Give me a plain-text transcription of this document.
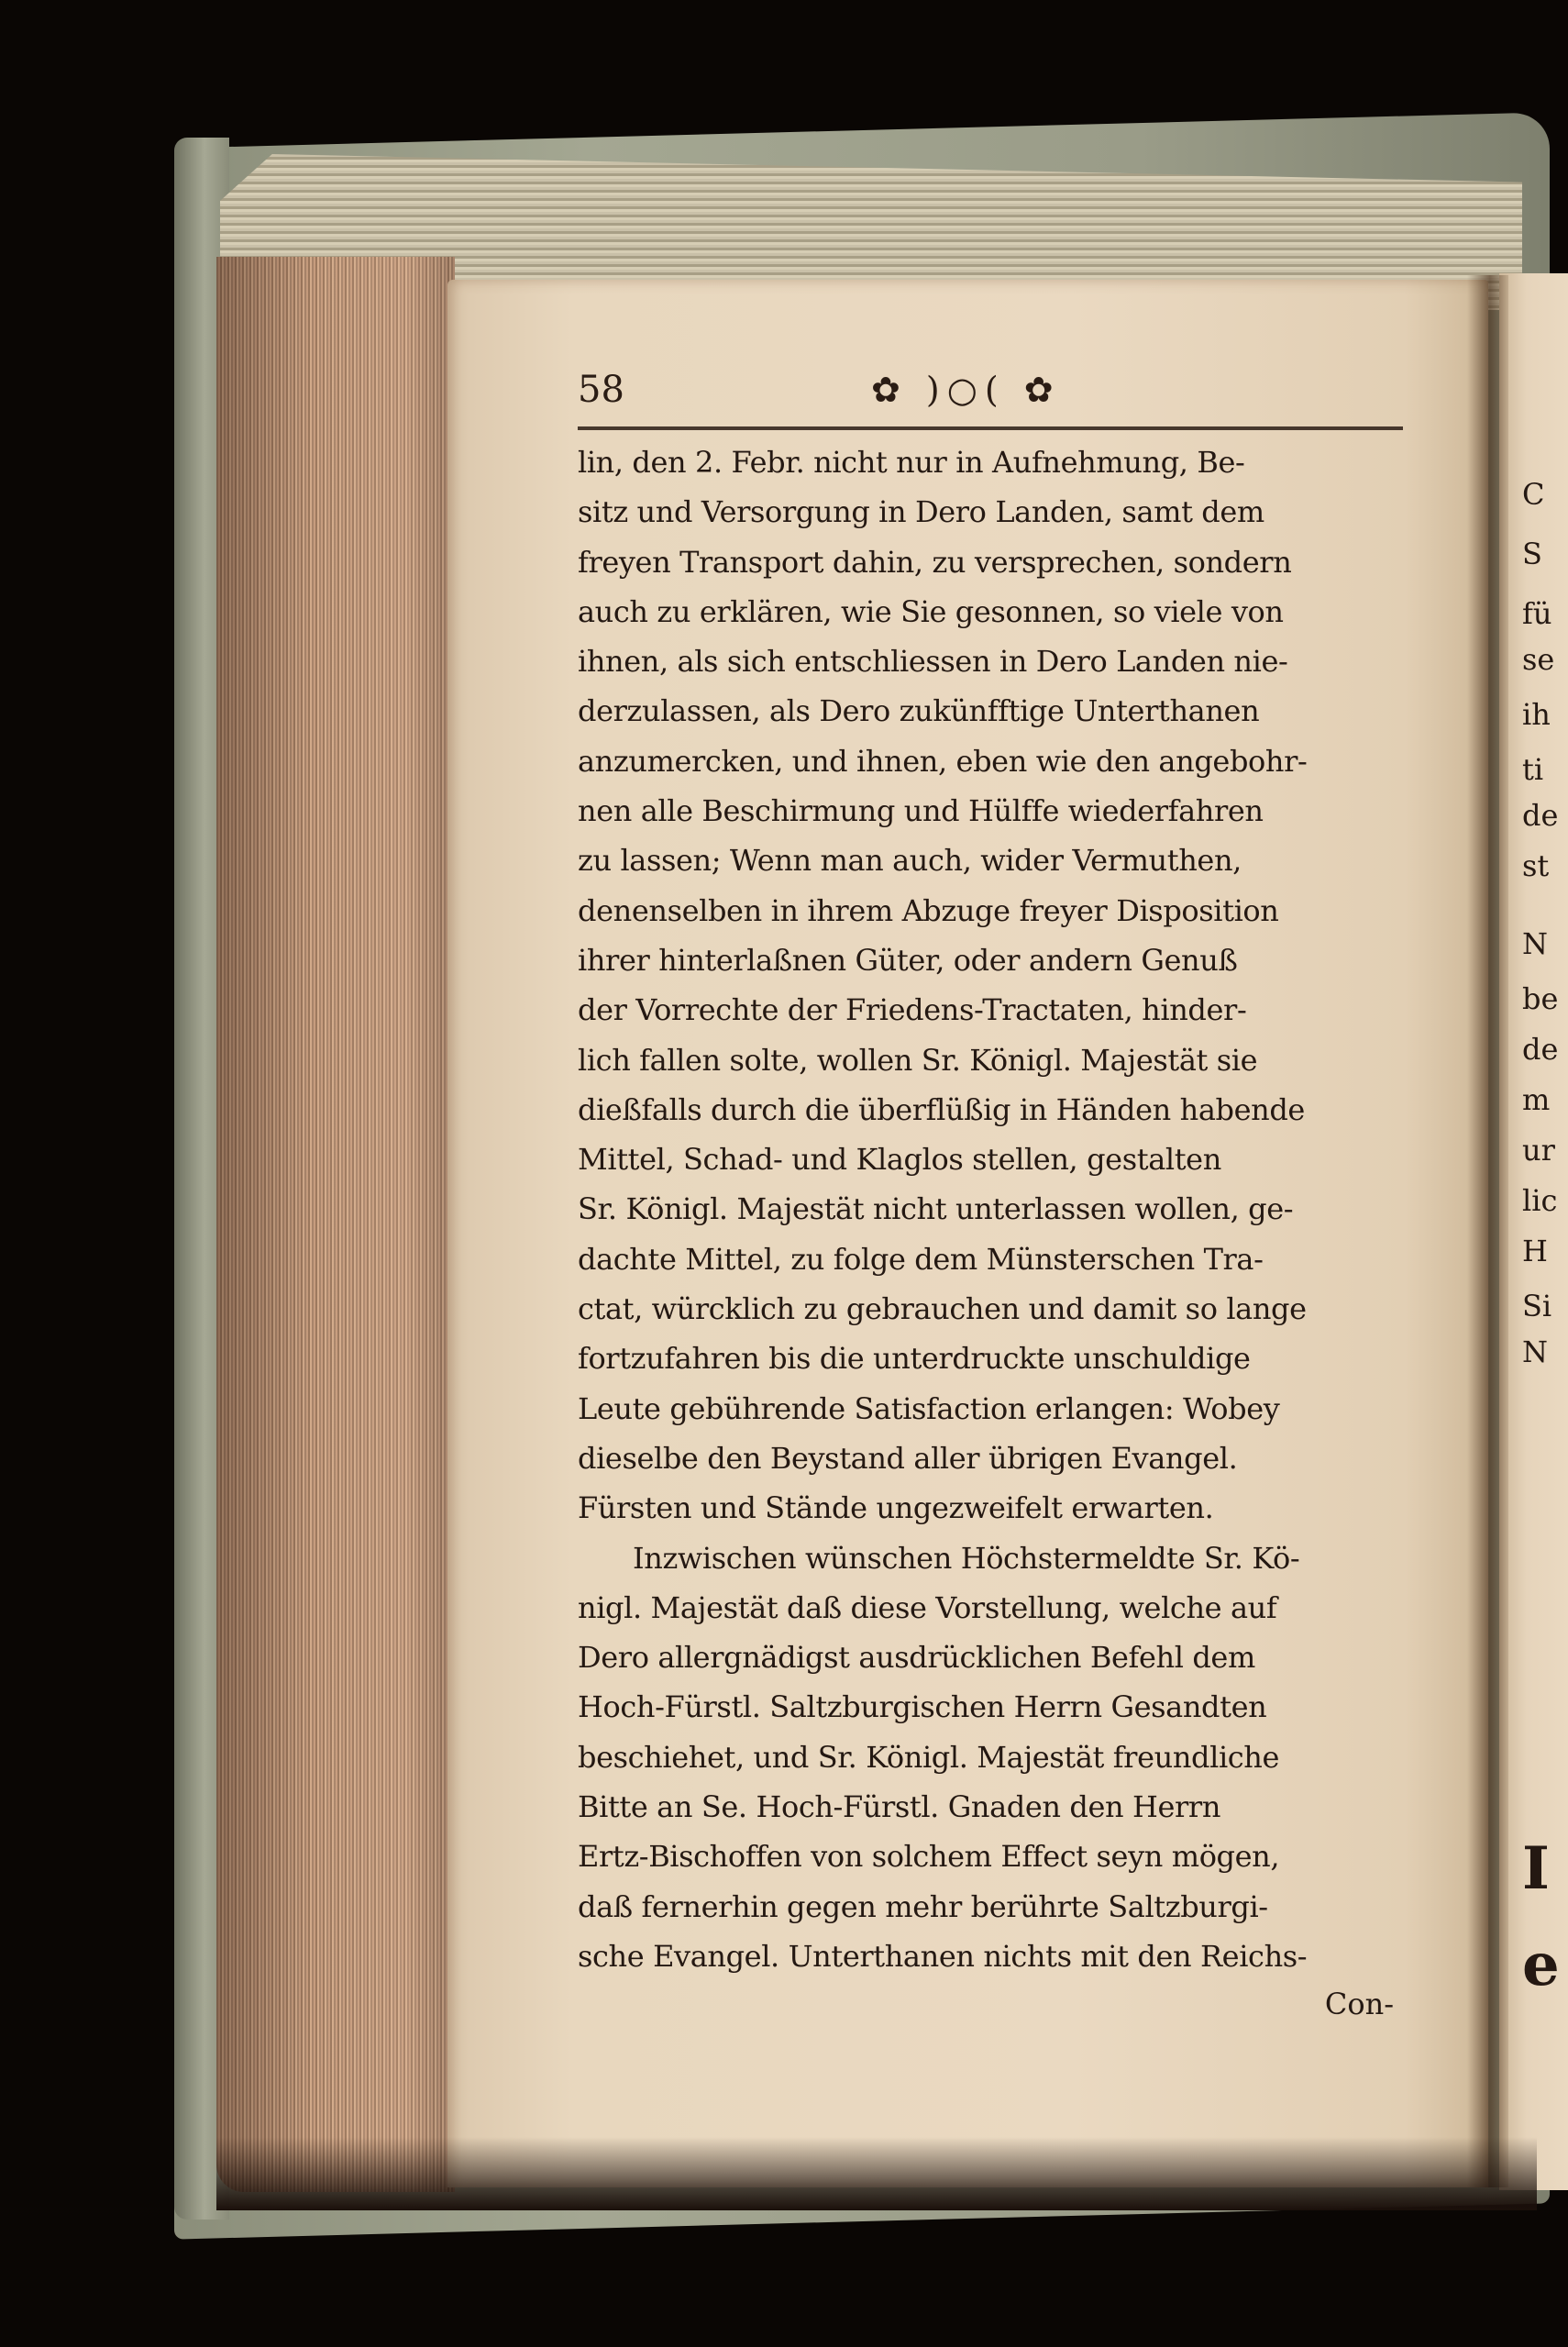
58	✿ )○( ✿
lin, den 2. Febr. nicht nur in Aufnehmung, Be-
sitz und Versorgung in Dero Landen, samt dem
freyen Transport dahin, zu versprechen, sondern
auch zu erklären, wie Sie gesonnen, so viele von
ihnen, als sich entschliessen in Dero Landen nie-
derzulassen, als Dero zukünfftige Unterthanen
anzumercken, und ihnen, eben wie den angebohr-
nen alle Beschirmung und Hülffe wiederfahren
zu lassen; Wenn man auch, wider Vermuthen,
denenselben in ihrem Abzuge freyer Disposition
ihrer hinterlaßnen Güter, oder andern Genuß
der Vorrechte der Friedens-Tractaten, hinder-
lich fallen solte, wollen Sr. Königl. Majestät sie
dießfalls durch die überflüßig in Händen habende
Mittel, Schad- und Klaglos stellen, gestalten
Sr. Königl. Majestät nicht unterlassen wollen, ge-
dachte Mittel, zu folge dem Münsterschen Tra-
ctat, würcklich zu gebrauchen und damit so lange
fortzufahren bis die unterdruckte unschuldige
Leute gebührende Satisfaction erlangen: Wobey
dieselbe den Beystand aller übrigen Evangel.
Fürsten und Stände ungezweifelt erwarten.
Inzwischen wünschen Höchstermeldte Sr. Kö-
nigl. Majestät daß diese Vorstellung, welche auf
Dero allergnädigst ausdrücklichen Befehl dem
Hoch-Fürstl. Saltzburgischen Herrn Gesandten
beschiehet, und Sr. Königl. Majestät freundliche
Bitte an Se. Hoch-Fürstl. Gnaden den Herrn
Ertz-Bischoffen von solchem Effect seyn mögen,
daß fernerhin gegen mehr berührte Saltzburgi-
sche Evangel. Unterthanen nichts mit den Reichs-
Con-
C
S
fü
se
ih
ti
de
st
N
be
de
m
ur
lic
H
Si
N
I
e
